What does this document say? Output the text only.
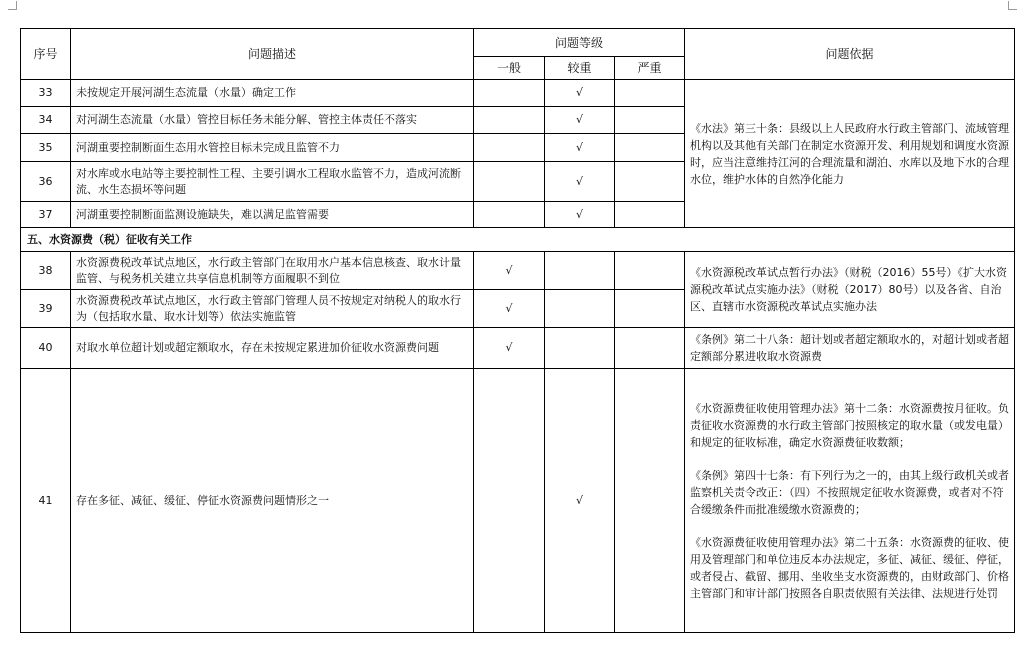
序号	问题描述	问题等级			问题依据
		一般	较重	严重	
33	未按规定开展河湖生态流量（水量）确定工作		√		《水法》第三十条：县级以上人民政府水行政主管部门、流域管理机构以及其他有关部门在制定水资源开发、利用规划和调度水资源时，应当注意维持江河的合理流量和湖泊、水库以及地下水的合理水位，维护水体的自然净化能力
34	对河湖生态流量（水量）管控目标任务未能分解、管控主体责任不落实		√		
35	河湖重要控制断面生态用水管控目标未完成且监管不力		√		
36	对水库或水电站等主要控制性工程、主要引调水工程取水监管不力，造成河流断流、水生态损坏等问题		√		
37	河湖重要控制断面监测设施缺失，难以满足监管需要		√		
五、水资源费（税）征收有关工作					
38	水资源费税改革试点地区，水行政主管部门在取用水户基本信息核查、取水计量监管、与税务机关建立共享信息机制等方面履职不到位	√			《水资源税改革试点暂行办法》（财税（2016）55号）《扩大水资源税改革试点实施办法》（财税（2017）80号）以及各省、自治区、直辖市水资源税改革试点实施办法
39	水资源费税改革试点地区，水行政主管部门管理人员不按规定对纳税人的取水行为（包括取水量、取水计划等）依法实施监管	√			
40	对取水单位超计划或超定额取水，存在未按规定累进加价征收水资源费问题	√			《条例》第二十八条：超计划或者超定额取水的，对超计划或者超定额部分累进收取水资源费
41	存在多征、减征、缓征、停征水资源费问题情形之一		√		《水资源费征收使用管理办法》第十二条：水资源费按月征收。负责征收水资源费的水行政主管部门按照核定的取水量（或发电量）和规定的征收标准，确定水资源费征收数额；

《条例》第四十七条：有下列行为之一的，由其上级行政机关或者监察机关责令改正：（四）不按照规定征收水资源费，或者对不符合缓缴条件而批准缓缴水资源费的；

《水资源费征收使用管理办法》第二十五条：水资源费的征收、使用及管理部门和单位违反本办法规定，多征、减征、缓征、停征，或者侵占、截留、挪用、坐收坐支水资源费的，由财政部门、价格主管部门和审计部门按照各自职责依照有关法律、法规进行处罚
